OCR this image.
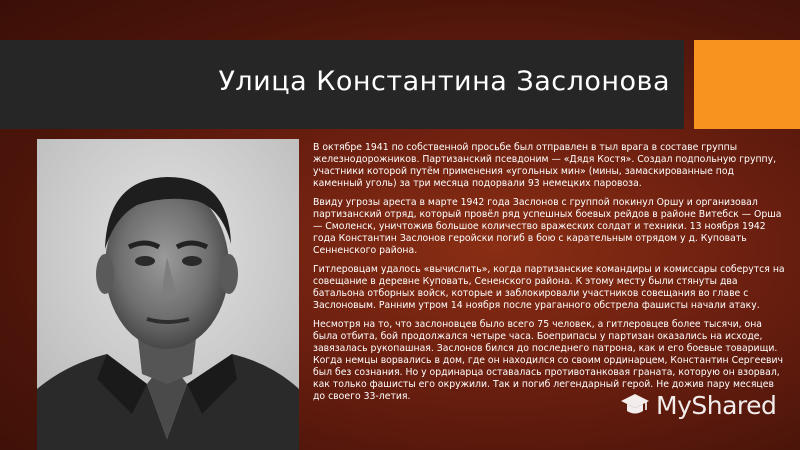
Улица Константина Заслонова

В октябре 1941 по собственной просьбе был отправлен в тыл врага в составе группы железнодорожников. Партизанский псевдоним — «Дядя Костя». Создал подпольную группу, участники которой путём применения «угольных мин» (мины, замаскированные под каменный уголь) за три месяца подорвали 93 немецких паровоза.

Ввиду угрозы ареста в марте 1942 года Заслонов с группой покинул Оршу и организовал партизанский отряд, который провёл ряд успешных боевых рейдов в районе Витебск — Орша — Смоленск, уничтожив большое количество вражеских солдат и техники. 13 ноября 1942 года Константин Заслонов геройски погиб в бою с карательным отрядом у д. Куповать Сенненского района.

Гитлеровцам удалось «вычислить», когда партизанские командиры и комиссары соберутся на совещание в деревне Куповать, Сененского района. К этому месту были стянуты два батальона отборных войск, которые и заблокировали участников совещания во главе с Заслоновым. Ранним утром 14 ноября после ураганного обстрела фашисты начали атаку.

Несмотря на то, что заслоновцев было всего 75 человек, а гитлеровцев более тысячи, она была отбита, бой продолжался четыре часа. Боеприпасы у партизан оказались на исходе, завязалась рукопашная. Заслонов бился до последнего патрона, как и его боевые товарищи. Когда немцы ворвались в дом, где он находился со своим ординарцем, Константин Сергеевич был без сознания. Но у ординарца оставалась противотанковая граната, которую он взорвал, как только фашисты его окружили. Так и погиб легендарный герой. Не дожив пару месяцев до своего 33-летия.	MyShared
